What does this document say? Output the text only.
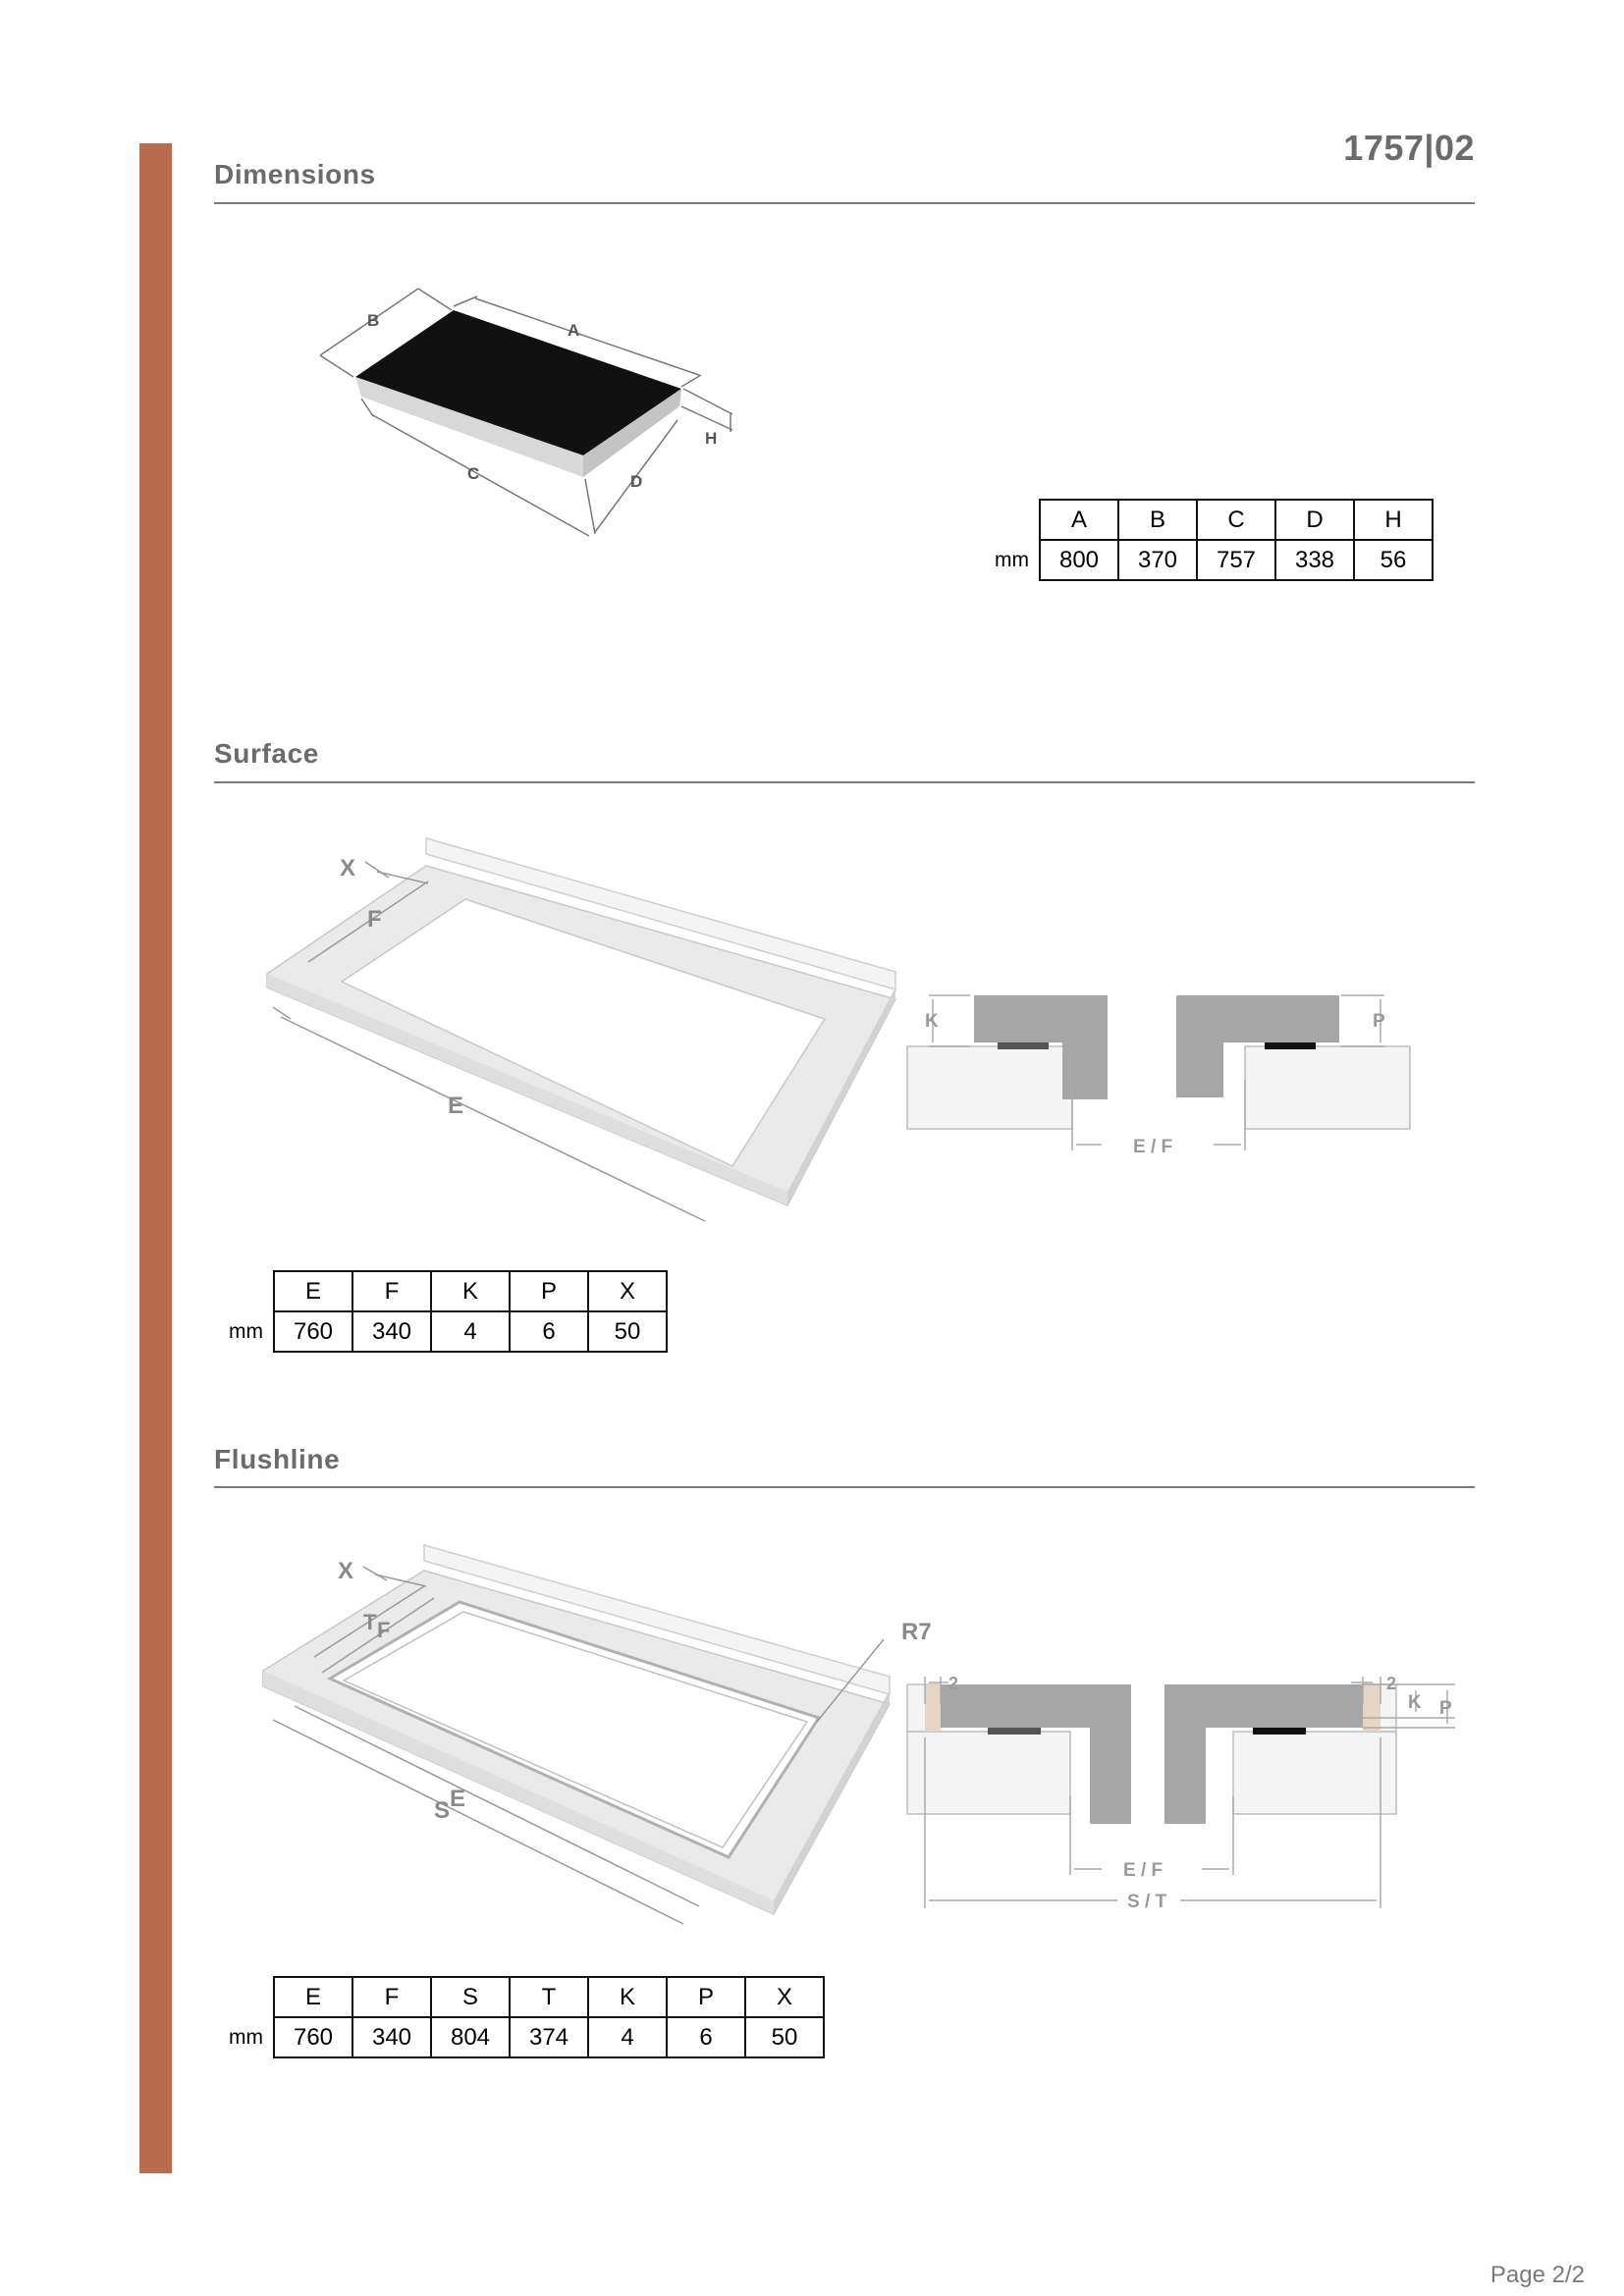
1757|02
Dimensions
B
A
H
C	D
	A	B	C	D	H
mm	800	370	757	338	56
Surface
X
F
E
K	P
E / F
	E	F	K	P	X
mm	760	340	4	6	50
Flushline
X
T F
S E
R7
2	2
K P
E / F
S / T
	E	F	S	T	K	P	X
mm	760	340	804	374	4	6	50
Page 2/2
